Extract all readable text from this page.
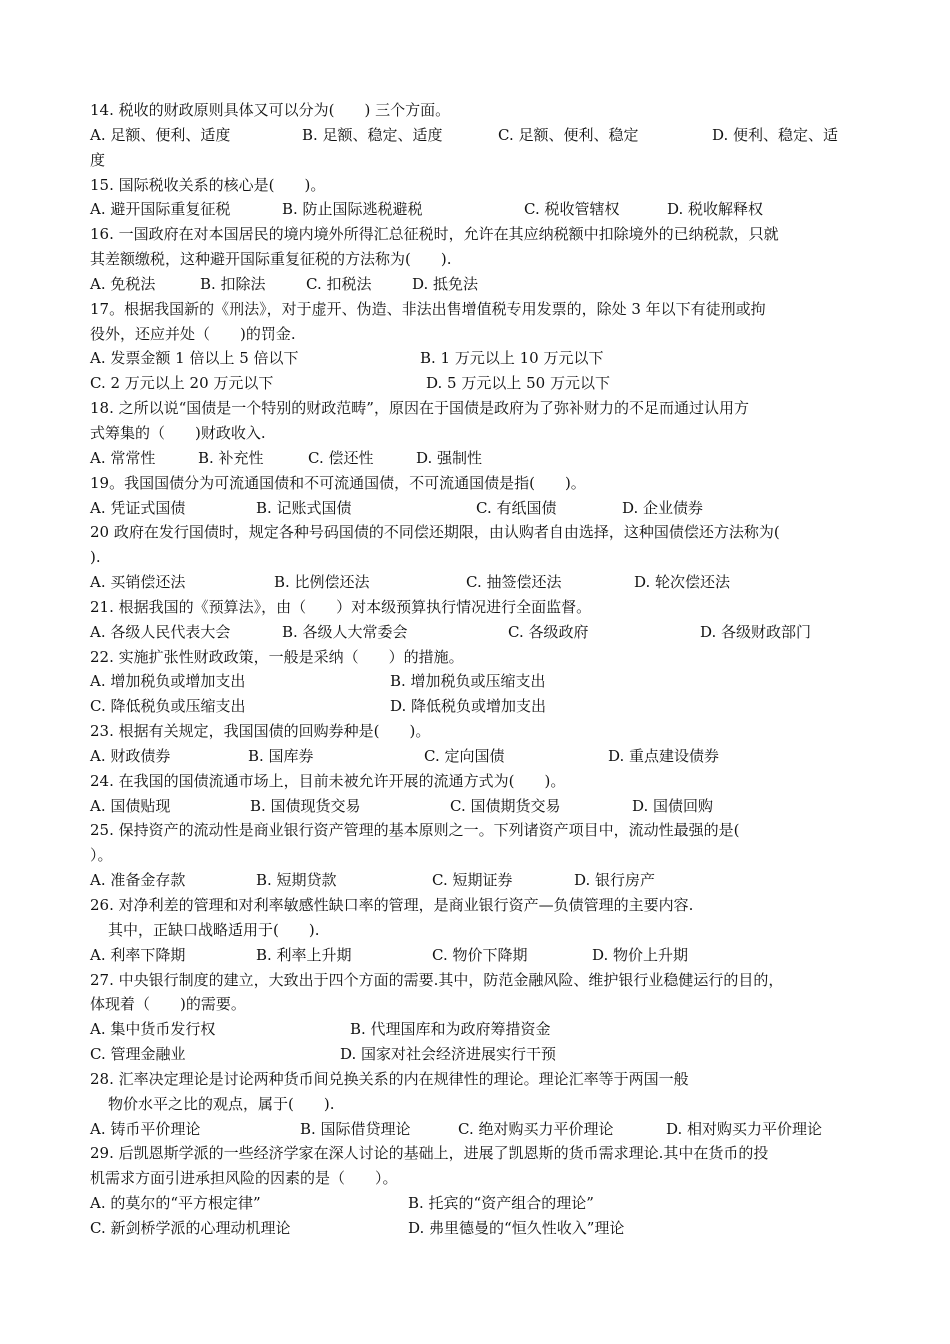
14. 税收的财政原则具体又可以分为(　　) 三个方面。

A. 足额、便利、适度

	B. 足额、稳定、适度

	C. 足额、便利、稳定

	D. 便利、稳定、适

度
15. 国际税收关系的核心是(　　)。

A. 避开国际重复征税

	B. 防止国际逃税避税

	C. 税收管辖权

	D. 税收解释权

16. 一国政府在对本国居民的境内境外所得汇总征税时，允许在其应纳税额中扣除境外的已纳税款，只就
其差额缴税，这种避开国际重复征税的方法称为(　　).

A. 免税法

	B. 扣除法

	C. 扣税法

	D. 抵免法

17。根据我国新的《刑法》，对于虚开、伪造、非法出售增值税专用发票的，除处 3 年以下有徒刑或拘
役外，还应并处（　　)的罚金.

A. 发票金额 1 倍以上 5 倍以下

	B. 1 万元以上 10 万元以下

C. 2 万元以上 20 万元以下

	D. 5 万元以上 50 万元以下

18. 之所以说“国债是一个特别的财政范畴”，原因在于国债是政府为了弥补财力的不足而通过认用方
式筹集的（　　)财政收入.

A. 常常性

	B. 补充性

	C. 偿还性

	D. 强制性

19。我国国债分为可流通国债和不可流通国债，不可流通国债是指(　　)。

A. 凭证式国债

	B. 记账式国债

	C. 有纸国债

	D. 企业债券

20 政府在发行国债时，规定各种号码国债的不同偿还期限，由认购者自由选择，这种国债偿还方法称为(
).

A. 买销偿还法

	B. 比例偿还法

	C. 抽签偿还法

	D. 轮次偿还法

21. 根据我国的《预算法》，由（　　）对本级预算执行情况进行全面监督。

A. 各级人民代表大会

	B. 各级人大常委会

	C. 各级政府

	D. 各级财政部门

22. 实施扩张性财政政策，一般是采纳（　　）的措施。

A. 增加税负或增加支出

	B. 增加税负或压缩支出

C. 降低税负或压缩支出

	D. 降低税负或增加支出

23. 根据有关规定，我国国债的回购券种是(　　)。

A. 财政债券

	B. 国库券

	C. 定向国债

	D. 重点建设债券

24. 在我国的国债流通市场上，目前未被允许开展的流通方式为(　　)。

A. 国债贴现

	B. 国债现货交易

	C. 国债期货交易

	D. 国债回购

25. 保持资产的流动性是商业银行资产管理的基本原则之一。下列诸资产项目中，流动性最强的是(
）。

A. 准备金存款

	B. 短期贷款

	C. 短期证券

	D. 银行房产

26. 对净利差的管理和对利率敏感性缺口率的管理，是商业银行资产—负债管理的主要内容.
其中，正缺口战略适用于(　　).

A. 利率下降期

	B. 利率上升期

	C. 物价下降期

	D. 物价上升期

27. 中央银行制度的建立，大致出于四个方面的需要.其中，防范金融风险、维护银行业稳健运行的目的，
体现着（　　)的需要。

A. 集中货币发行权

	B. 代理国库和为政府筹措资金

C. 管理金融业

	D. 国家对社会经济进展实行干预

28. 汇率决定理论是讨论两种货币间兑换关系的内在规律性的理论。理论汇率等于两国一般
物价水平之比的观点，属于(　　).

A. 铸币平价理论

	B. 国际借贷理论

	C. 绝对购买力平价理论

	D. 相对购买力平价理论

29. 后凯恩斯学派的一些经济学家在深人讨论的基础上，进展了凯恩斯的货币需求理论.其中在货币的投
机需求方面引进承担风险的因素的是（　　）。

A. 的莫尔的“平方根定律”

	B. 托宾的“资产组合的理论”

C. 新剑桥学派的心理动机理论

	D. 弗里德曼的“恒久性收入”理论
